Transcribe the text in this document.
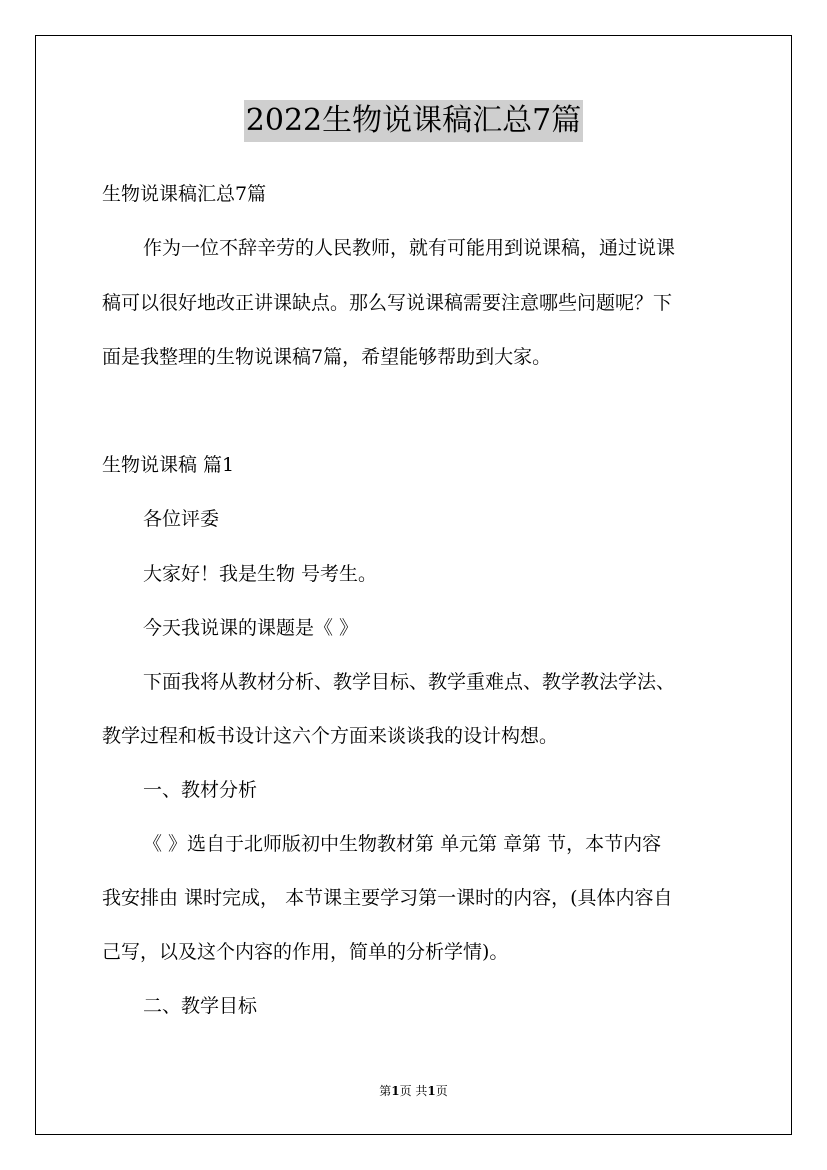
2022生物说课稿汇总7篇
生物说课稿汇总7篇
作为一位不辞辛劳的人民教师，就有可能用到说课稿，通过说课
稿可以很好地改正讲课缺点。那么写说课稿需要注意哪些问题呢？下
面是我整理的生物说课稿7篇，希望能够帮助到大家。
生物说课稿 篇1
各位评委
大家好！我是生物 号考生。
今天我说课的课题是《 》
下面我将从教材分析、教学目标、教学重难点、教学教法学法、
教学过程和板书设计这六个方面来谈谈我的设计构想。
一、教材分析
《 》选自于北师版初中生物教材第 单元第 章第 节，本节内容
我安排由 课时完成， 本节课主要学习第一课时的内容，(具体内容自
己写，以及这个内容的作用，简单的分析学情)。
二、教学目标
第1页 共1页
